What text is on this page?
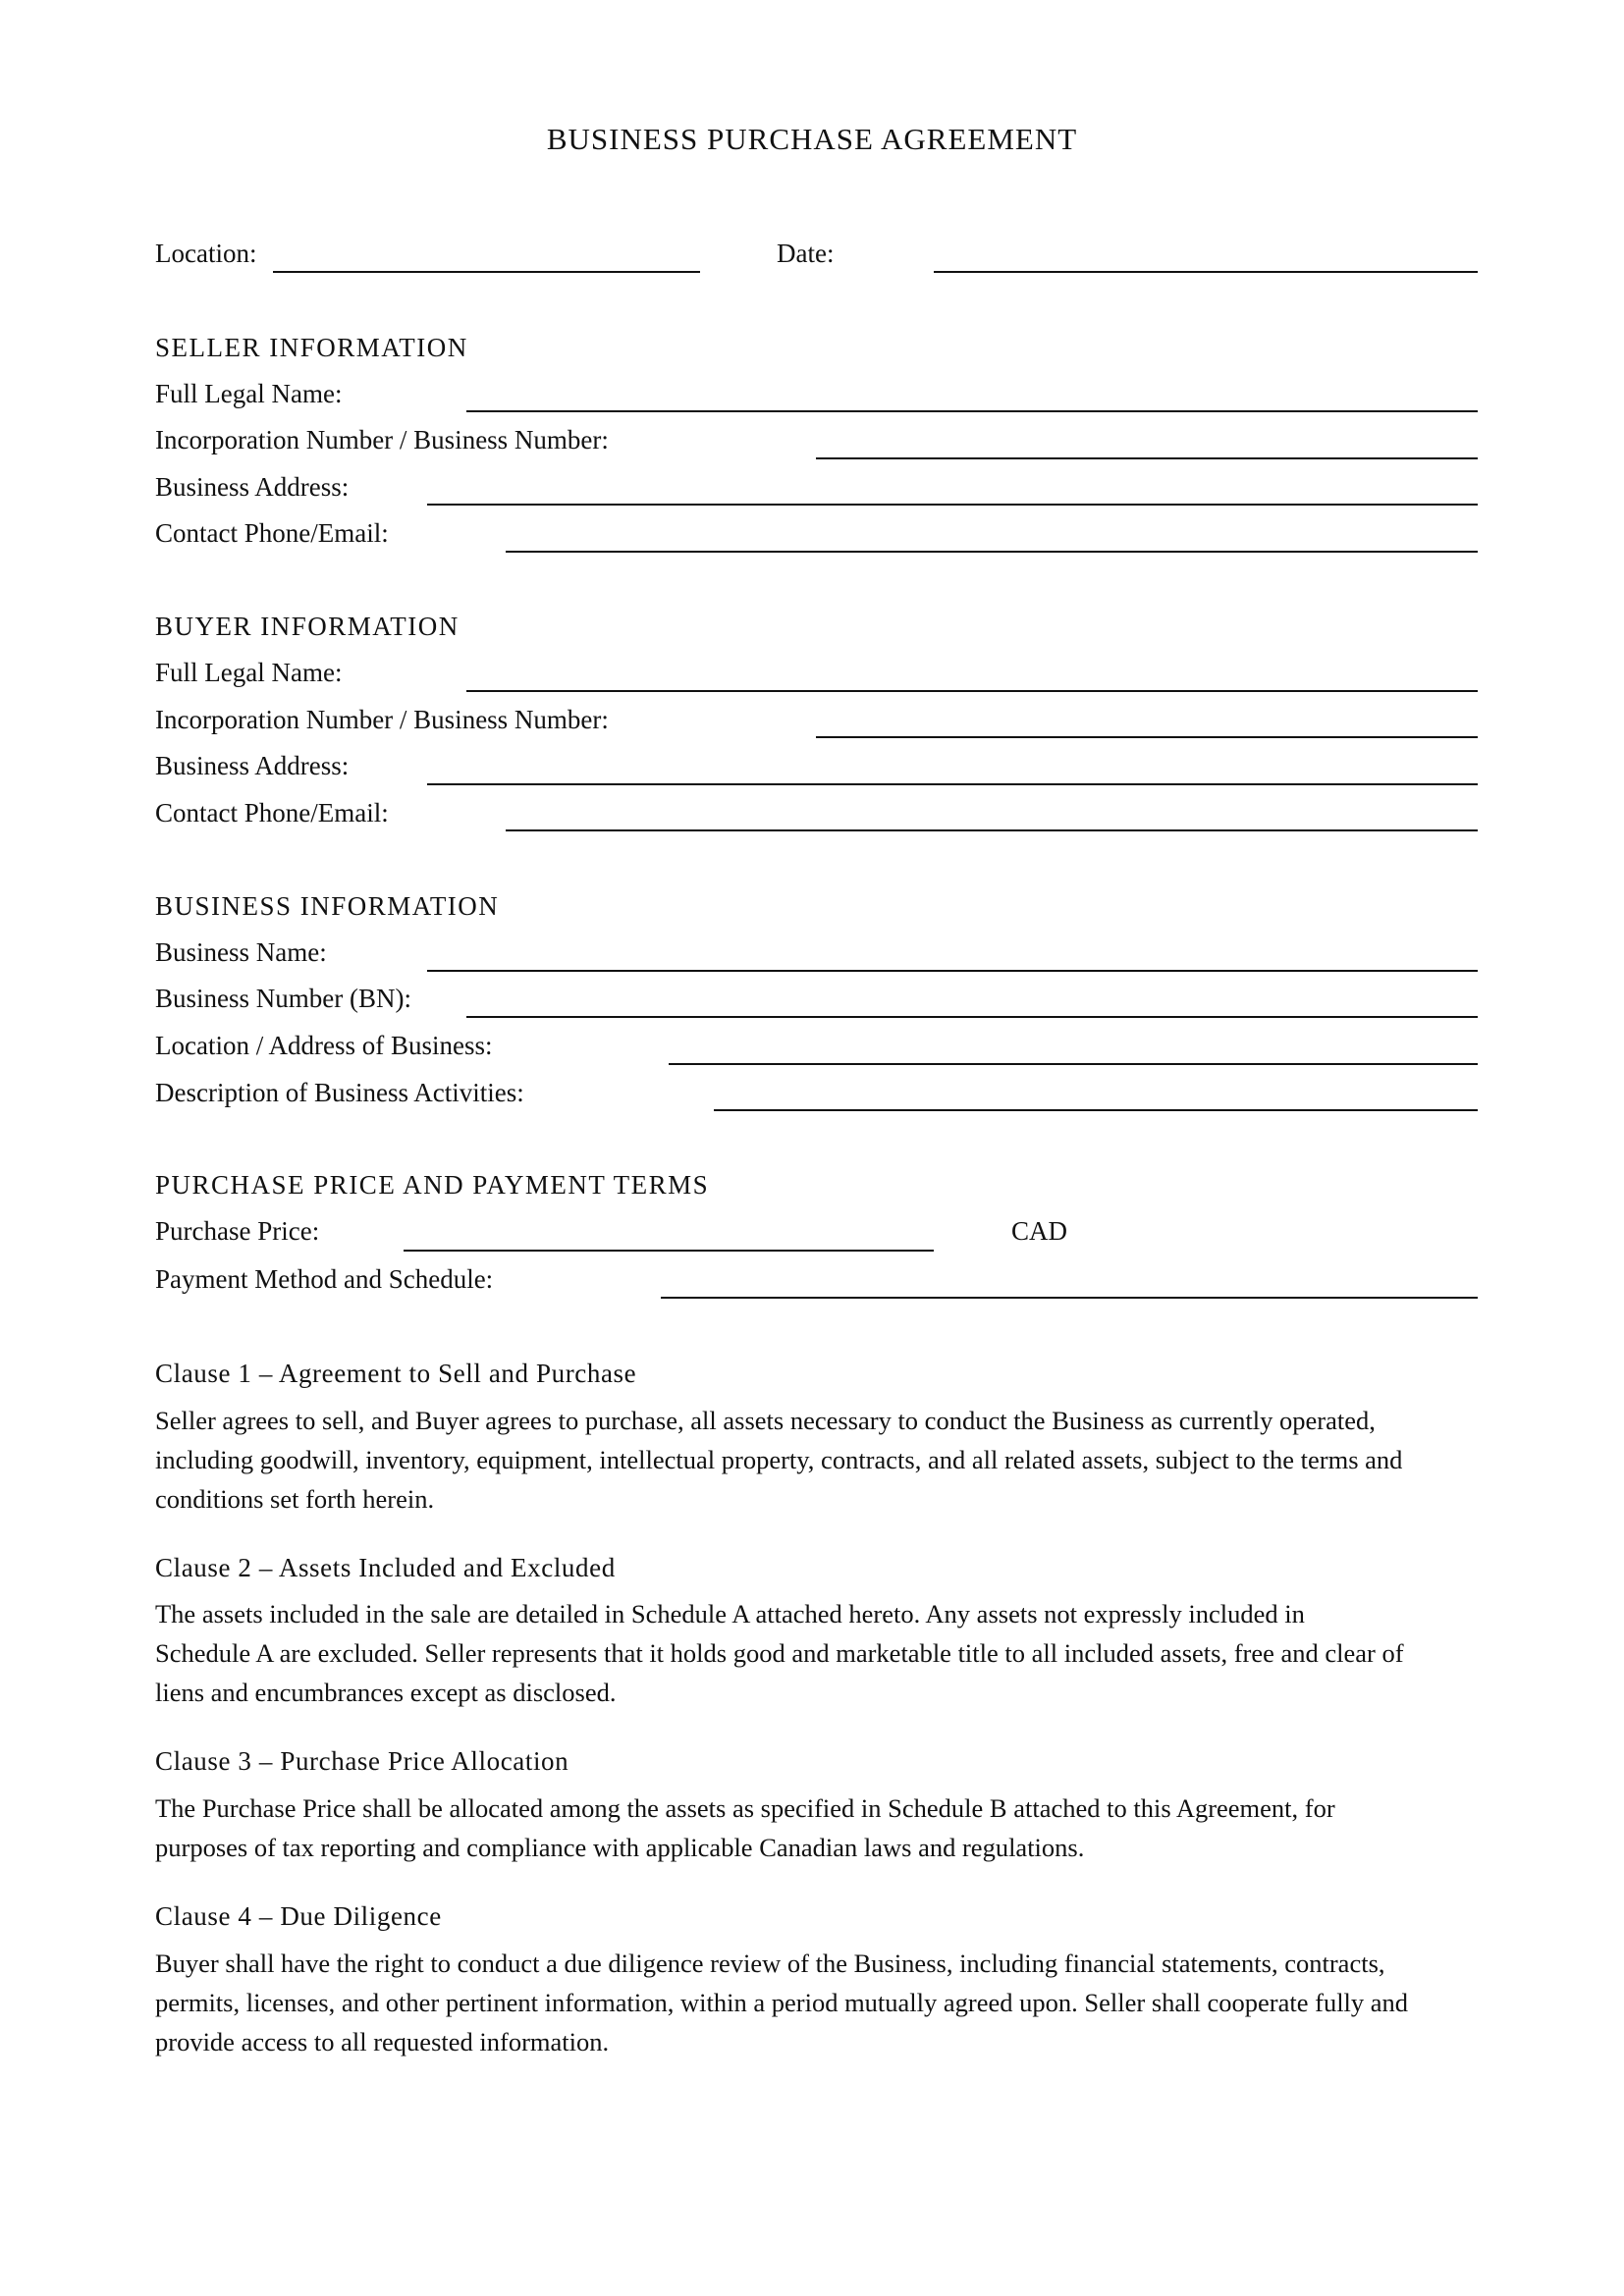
BUSINESS PURCHASE AGREEMENT
Location:	Date:
SELLER INFORMATION
Full Legal Name:
Incorporation Number / Business Number:
Business Address:
Contact Phone/Email:
BUYER INFORMATION
Full Legal Name:
Incorporation Number / Business Number:
Business Address:
Contact Phone/Email:
BUSINESS INFORMATION
Business Name:
Business Number (BN):
Location / Address of Business:
Description of Business Activities:
PURCHASE PRICE AND PAYMENT TERMS
Purchase Price:	CAD
Payment Method and Schedule:
Clause 1 – Agreement to Sell and Purchase
Seller agrees to sell, and Buyer agrees to purchase, all assets necessary to conduct the Business as currently operated,
including goodwill, inventory, equipment, intellectual property, contracts, and all related assets, subject to the terms and
conditions set forth herein.
Clause 2 – Assets Included and Excluded
The assets included in the sale are detailed in Schedule A attached hereto. Any assets not expressly included in
Schedule A are excluded. Seller represents that it holds good and marketable title to all included assets, free and clear of
liens and encumbrances except as disclosed.
Clause 3 – Purchase Price Allocation
The Purchase Price shall be allocated among the assets as specified in Schedule B attached to this Agreement, for
purposes of tax reporting and compliance with applicable Canadian laws and regulations.
Clause 4 – Due Diligence
Buyer shall have the right to conduct a due diligence review of the Business, including financial statements, contracts,
permits, licenses, and other pertinent information, within a period mutually agreed upon. Seller shall cooperate fully and
provide access to all requested information.
